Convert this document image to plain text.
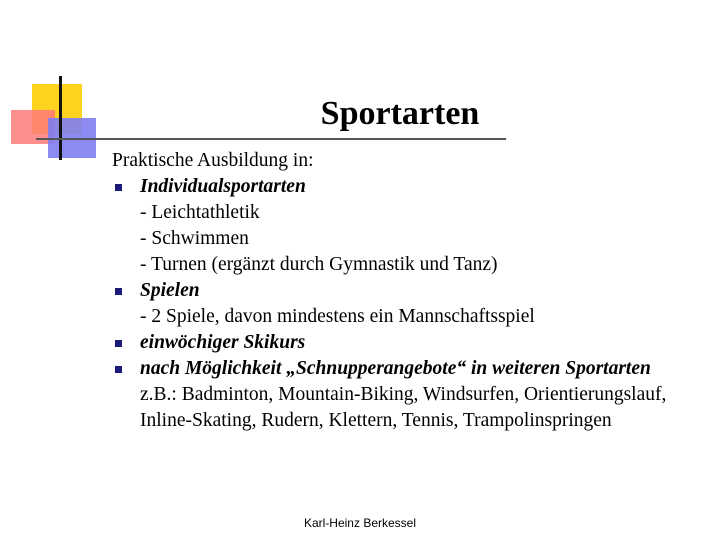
Sportarten

Praktische Ausbildung in:

Individualsportarten
- Leichtathletik
- Schwimmen
- Turnen (ergänzt durch Gymnastik und Tanz)
Spielen
- 2 Spiele, davon mindestens ein Mannschaftsspiel
einwöchiger Skikurs
nach Möglichkeit „Schnupperangebote“ in weiteren Sportarten
z.B.: Badminton, Mountain-Biking, Windsurfen, Orientierungslauf, Inline-Skating, Rudern, Klettern, Tennis, Trampolinspringen
Karl-Heinz Berkessel
